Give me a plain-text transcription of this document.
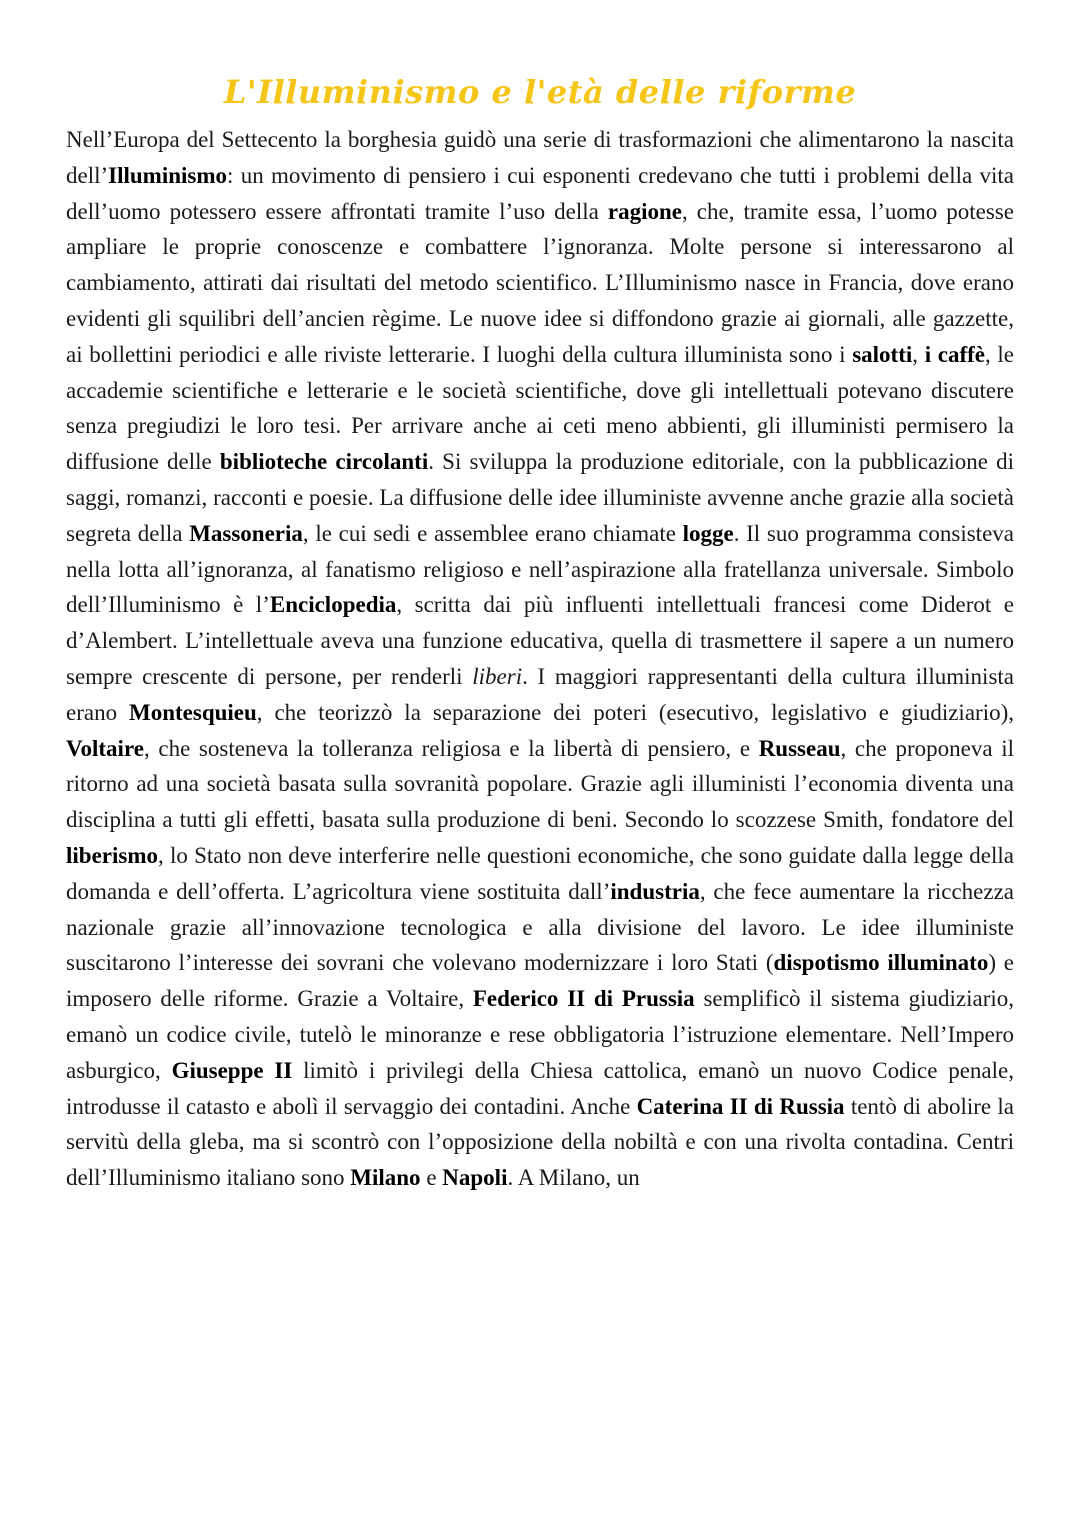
L'Illuminismo e l'età delle riforme

Nell’Europa del Settecento la borghesia guidò una serie di trasformazioni che alimentarono la nascita dell’Illuminismo: un movimento di pensiero i cui esponenti credevano che tutti i problemi della vita dell’uomo potessero essere affrontati tramite l’uso della ragione, che, tramite essa, l’uomo potesse ampliare le proprie conoscenze e combattere l’ignoranza. Molte persone si interessarono al cambiamento, attirati dai risultati del metodo scientifico. L’Illuminismo nasce in Francia, dove erano evidenti gli squilibri dell’ancien règime. Le nuove idee si diffondono grazie ai giornali, alle gazzette, ai bollettini periodici e alle riviste letterarie. I luoghi della cultura illuminista sono i salotti, i caffè, le accademie scientifiche e letterarie e le società scientifiche, dove gli intellettuali potevano discutere senza pregiudizi le loro tesi. Per arrivare anche ai ceti meno abbienti, gli illuministi permisero la diffusione delle biblioteche circolanti. Si sviluppa la produzione editoriale, con la pubblicazione di saggi, romanzi, racconti e poesie. La diffusione delle idee illuministe avvenne anche grazie alla società segreta della Massoneria, le cui sedi e assemblee erano chiamate logge. Il suo programma consisteva nella lotta all’ignoranza, al fanatismo religioso e nell’aspirazione alla fratellanza universale. Simbolo dell’Illuminismo è l’Enciclopedia, scritta dai più influenti intellettuali francesi come Diderot e d’Alembert. L’intellettuale aveva una funzione educativa, quella di trasmettere il sapere a un numero sempre crescente di persone, per renderli liberi. I maggiori rappresentanti della cultura illuminista erano Montesquieu, che teorizzò la separazione dei poteri (esecutivo, legislativo e giudiziario), Voltaire, che sosteneva la tolleranza religiosa e la libertà di pensiero, e Russeau, che proponeva il ritorno ad una società basata sulla sovranità popolare. Grazie agli illuministi l’economia diventa una disciplina a tutti gli effetti, basata sulla produzione di beni. Secondo lo scozzese Smith, fondatore del liberismo, lo Stato non deve interferire nelle questioni economiche, che sono guidate dalla legge della domanda e dell’offerta. L’agricoltura viene sostituita dall’industria, che fece aumentare la ricchezza nazionale grazie all’innovazione tecnologica e alla divisione del lavoro. Le idee illuministe suscitarono l’interesse dei sovrani che volevano modernizzare i loro Stati (dispotismo illuminato) e imposero delle riforme. Grazie a Voltaire, Federico II di Prussia semplificò il sistema giudiziario, emanò un codice civile, tutelò le minoranze e rese obbligatoria l’istruzione elementare. Nell’Impero asburgico, Giuseppe II limitò i privilegi della Chiesa cattolica, emanò un nuovo Codice penale, introdusse il catasto e abolì il servaggio dei contadini. Anche Caterina II di Russia tentò di abolire la servitù della gleba, ma si scontrò con l’opposizione della nobiltà e con una rivolta contadina. Centri dell’Illuminismo italiano sono Milano e Napoli. A Milano, un
